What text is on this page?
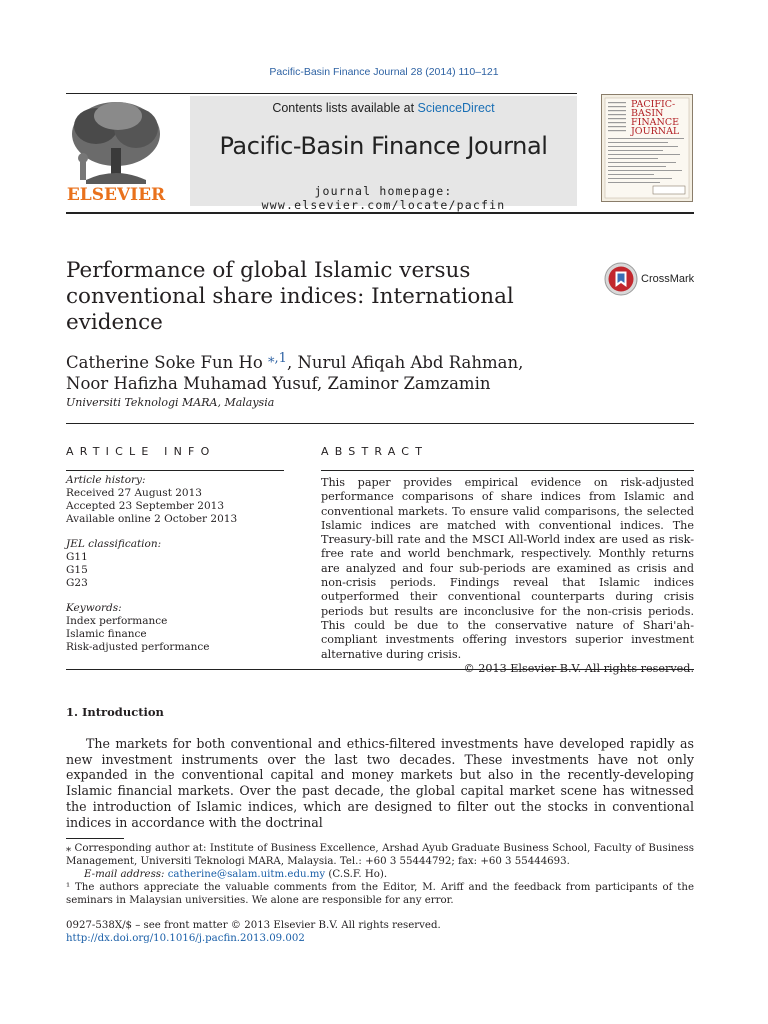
Pacific-Basin Finance Journal 28 (2014) 110–121
ELSEVIER
Contents lists available at ScienceDirect
Pacific-Basin Finance Journal
journal homepage: www.elsevier.com/locate/pacfin
PACIFIC-
BASIN
FINANCE
JOURNAL
Performance of global Islamic versus conventional share indices: International evidence
CrossMark
Catherine Soke Fun Ho $^{⁎,1}$, Nurul Afiqah Abd Rahman,
Noor Hafizha Muhamad Yusuf, Zaminor Zamzamin
Universiti Teknologi MARA, Malaysia
ARTICLE INFO	ABSTRACT
Article history:
Received 27 August 2013
Accepted 23 September 2013
Available online 2 October 2013
JEL classification:
G11
G15
G23
Keywords:
Index performance
Islamic finance
Risk-adjusted performance
This paper provides empirical evidence on risk-adjusted performance comparisons of share indices from Islamic and conventional markets. To ensure valid comparisons, the selected Islamic indices are matched with conventional indices. The Treasury-bill rate and the MSCI All-World index are used as risk-free rate and world benchmark, respectively. Monthly returns are analyzed and four sub-periods are examined as crisis and non-crisis periods. Findings reveal that Islamic indices outperformed their conventional counterparts during crisis periods but results are inconclusive for the non-crisis periods. This could be due to the conservative nature of Shari'ah-compliant investments offering investors superior investment alternative during crisis.
© 2013 Elsevier B.V. All rights reserved.
1. Introduction
The markets for both conventional and ethics-filtered investments have developed rapidly as new investment instruments over the last two decades. These investments have not only expanded in the conventional capital and money markets but also in the recently-developing Islamic financial markets. Over the past decade, the global capital market scene has witnessed the introduction of Islamic indices, which are designed to filter out the stocks in conventional indices in accordance with the doctrinal

⁎ Corresponding author at: Institute of Business Excellence, Arshad Ayub Graduate Business School, Faculty of Business Management, Universiti Teknologi MARA, Malaysia. Tel.: +60 3 55444792; fax: +60 3 55444693.

E-mail address: catherine@salam.uitm.edu.my (C.S.F. Ho).

¹ The authors appreciate the valuable comments from the Editor, M. Ariff and the feedback from participants of the seminars in Malaysian universities. We alone are responsible for any error.

0927-538X/$ – see front matter © 2013 Elsevier B.V. All rights reserved.
http://dx.doi.org/10.1016/j.pacfin.2013.09.002
